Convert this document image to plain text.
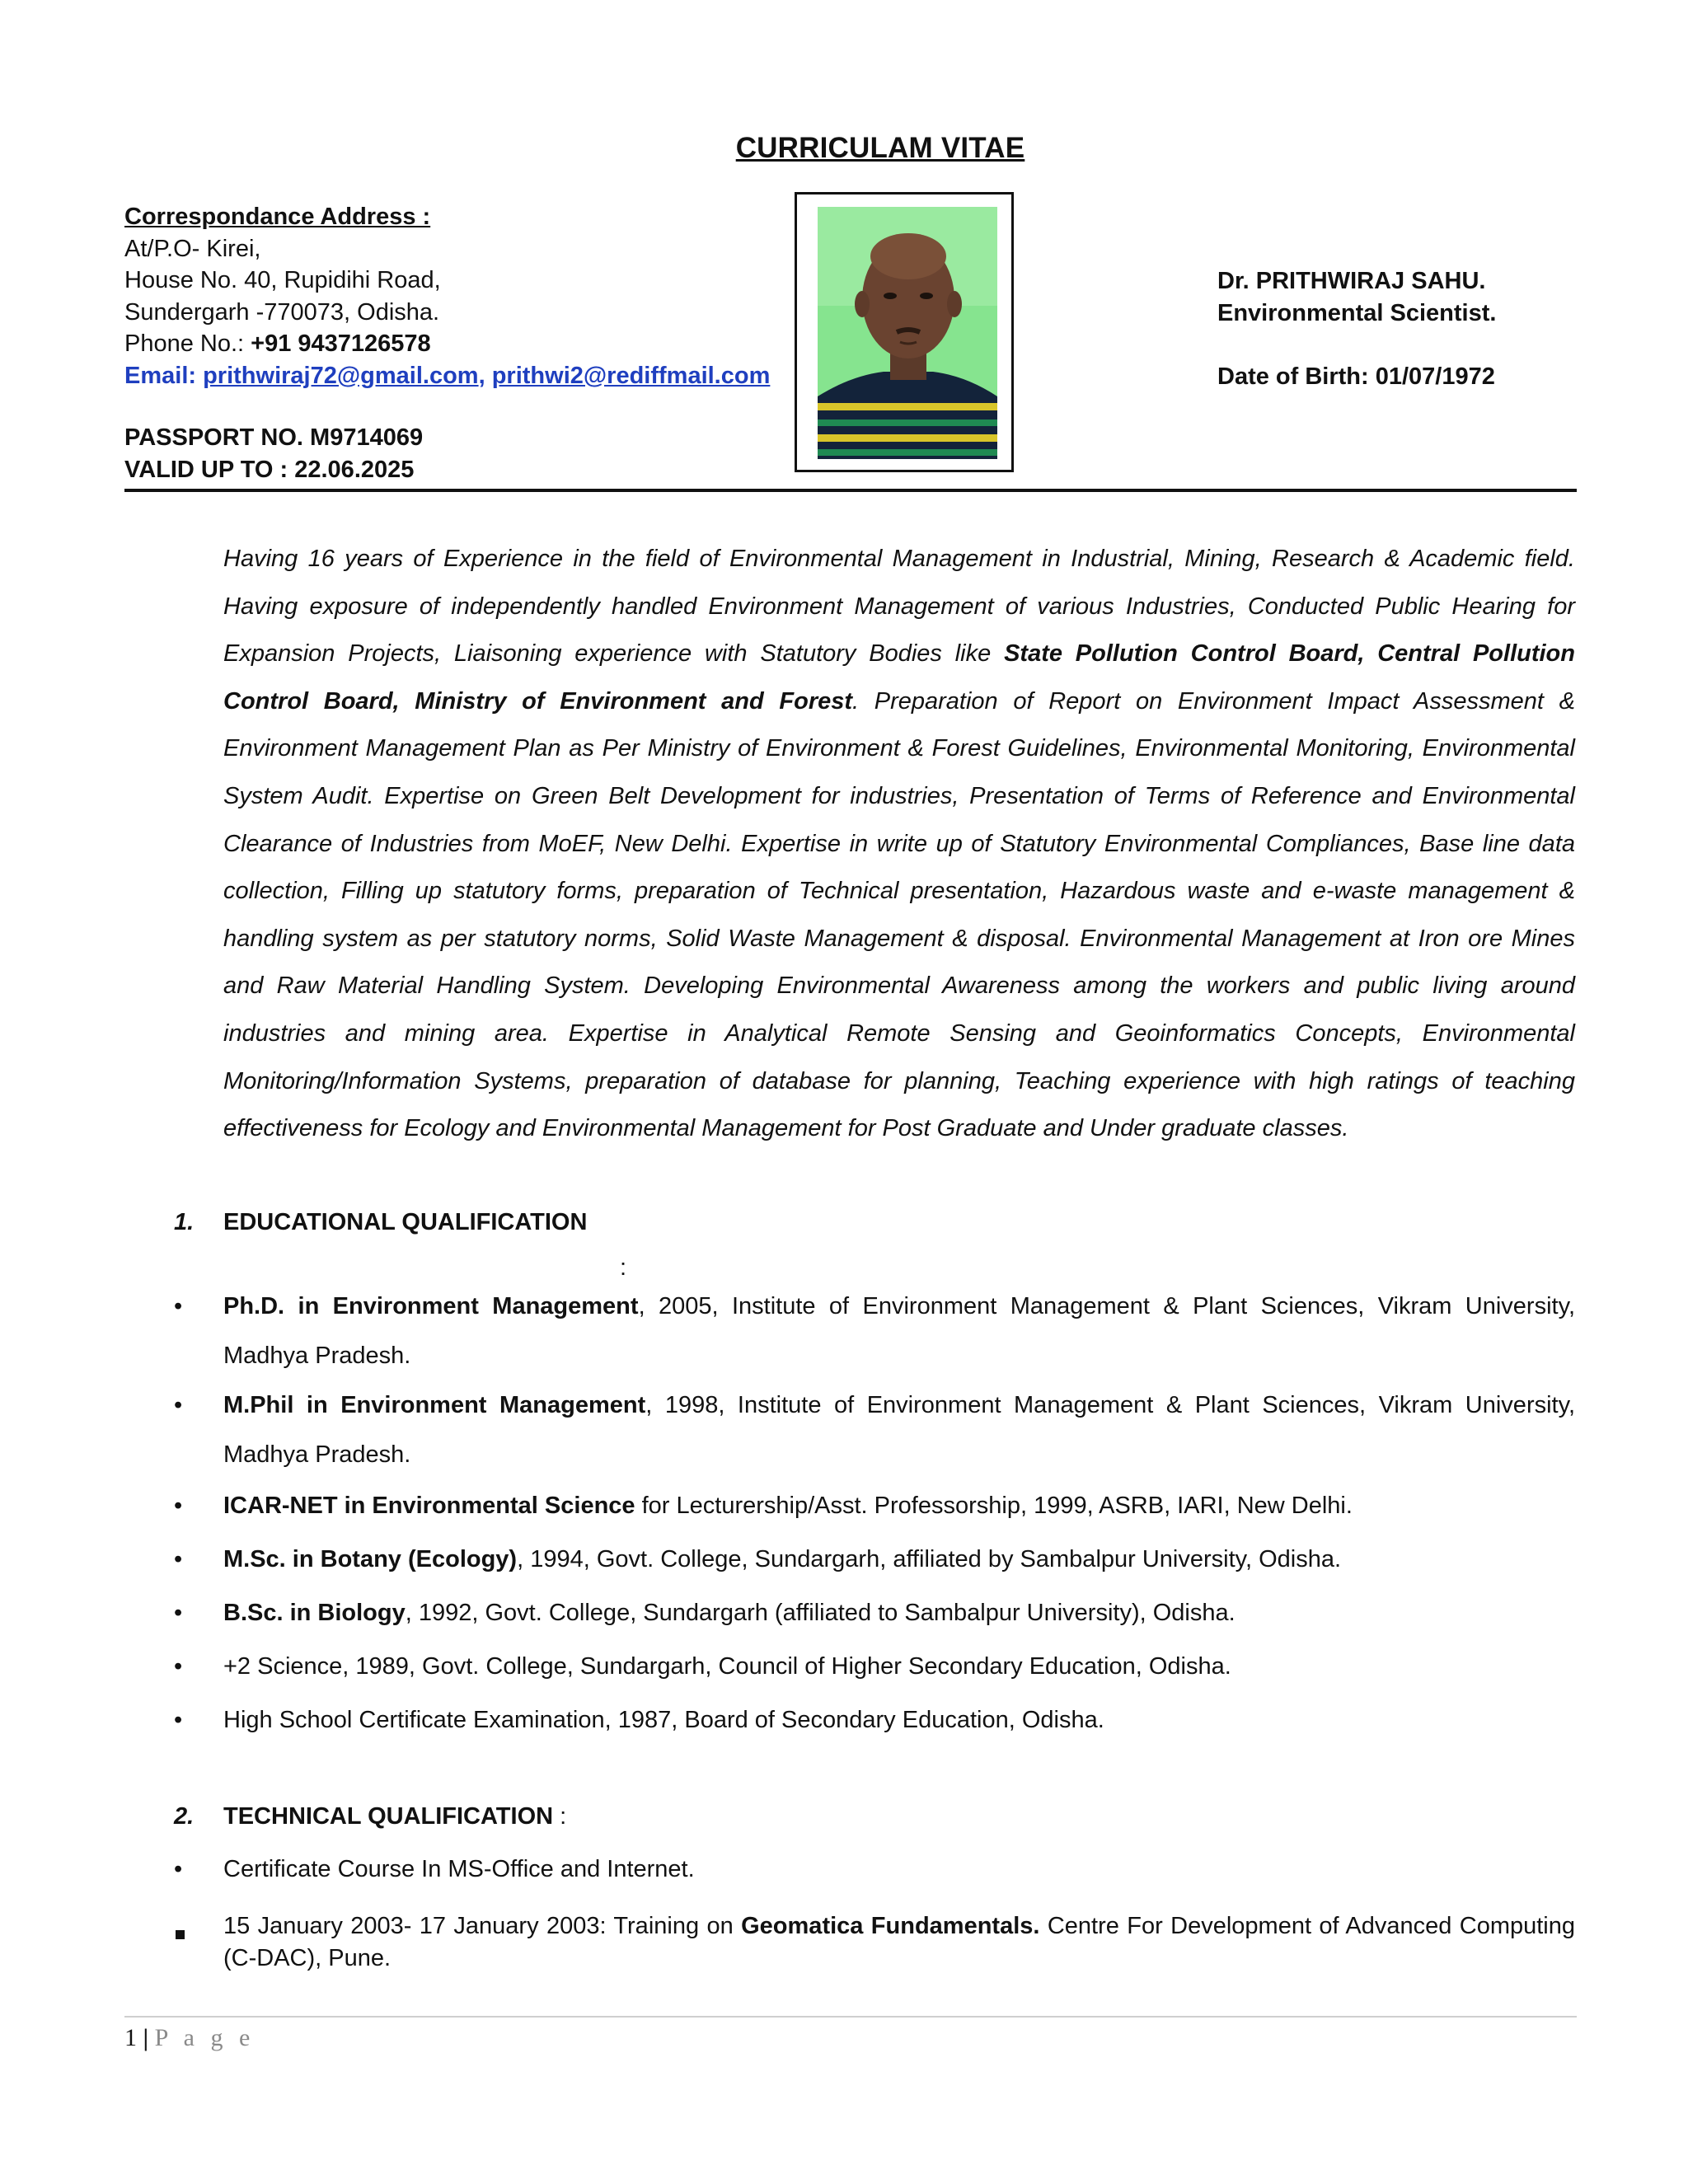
CURRICULAM VITAE
Correspondance Address :
At/P.O- Kirei,
House No. 40, Rupidihi Road,
Sundergarh -770073, Odisha.
Phone No.: +91 9437126578
Email: prithwiraj72@gmail.com, prithwi2@rediffmail.com
PASSPORT NO. M9714069
VALID UP TO : 22.06.2025
Dr. PRITHWIRAJ SAHU.
Environmental Scientist.
Date of Birth: 01/07/1972
Having 16 years of Experience in the field of Environmental Management in Industrial, Mining, Research & Academic field. Having exposure of independently handled Environment Management of various Industries, Conducted Public Hearing for Expansion Projects, Liaisoning experience with Statutory Bodies like State Pollution Control Board, Central Pollution Control Board, Ministry of Environment and Forest. Preparation of Report on Environment Impact Assessment & Environment Management Plan as Per Ministry of Environment & Forest Guidelines, Environmental Monitoring, Environmental System Audit. Expertise on Green Belt Development for industries, Presentation of Terms of Reference and Environmental Clearance of Industries from MoEF, New Delhi. Expertise in write up of Statutory Environmental Compliances, Base line data collection, Filling up statutory forms, preparation of Technical presentation, Hazardous waste and e-waste management & handling system as per statutory norms, Solid Waste Management & disposal. Environmental Management at Iron ore Mines and Raw Material Handling System. Developing Environmental Awareness among the workers and public living around industries and mining area. Expertise in Analytical Remote Sensing and Geoinformatics Concepts, Environmental Monitoring/Information Systems, preparation of database for planning, Teaching experience with high ratings of teaching effectiveness for Ecology and Environmental Management for Post Graduate and Under graduate classes.
1. EDUCATIONAL QUALIFICATION
:
• Ph.D. in Environment Management, 2005, Institute of Environment Management & Plant Sciences, Vikram University, Madhya Pradesh.
• M.Phil in Environment Management, 1998, Institute of Environment Management & Plant Sciences, Vikram University, Madhya Pradesh.
• ICAR-NET in Environmental Science for Lecturership/Asst. Professorship, 1999, ASRB, IARI, New Delhi.
• M.Sc. in Botany (Ecology), 1994, Govt. College, Sundargarh, affiliated by Sambalpur University, Odisha.
• B.Sc. in Biology, 1992, Govt. College, Sundargarh (affiliated to Sambalpur University), Odisha.
• +2 Science, 1989, Govt. College, Sundargarh, Council of Higher Secondary Education, Odisha.
• High School Certificate Examination, 1987, Board of Secondary Education, Odisha.
2. TECHNICAL QUALIFICATION :
• Certificate Course In MS-Office and Internet.
15 January 2003- 17 January 2003: Training on Geomatica Fundamentals. Centre For Development of Advanced Computing (C-DAC), Pune.
1 | P a g e
